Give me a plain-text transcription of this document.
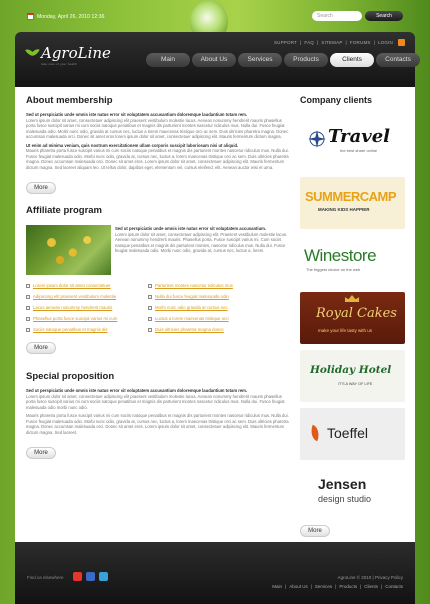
Monday, April 26, 2010 12:36	Search	Search
AgroLine
take care of your health
SUPPORT | FAQ | SITEMAP | FORUMS | LOGIN
Main	About Us	Services	Products	Clients	Contacts
About membership
Sed ut perspiciatis unde omnis iste natus error sit voluptatem accusantium doloremque laudantium totam rem.
Lorem ipsum dolor sit amet, consectetuer adipiscing elit praesent vestibulum molestie lacus. Aenean nonummy hendrerit mauris phasellus porta fusce suscipit varius mi cum sociis natoque penatibus et magnis dis parturient montes nascetur ridiculus mus. Nulla dui. Fusce feugiat malesuada odio. Morbi nunc odio, gravida at cursus nec, luctus a lorem maecenas tristique orci ac sem. Duis ultricies pharetra magna. Donec accumsan malesuada orci. Donec sit amet eros lorem ipsum dolor sit amet, consectetuer adipiscing elit. Mauris fermentum dictum magna.
Ut enim ad minima veniam, quis nostrum exercitationem ullam corporis suscipit laboriosam nisi ut aliquid.
Mauris pharetra porta fusce suscipit varius mi cum sociis natoque penatibus et magnis dis parturient montes nascetur ridiculus mus. Nulla dui. Fusce feugiat malesuada odio. Morbi nunc odio, gravida at, cursus nec, luctus a, lorem maecenas tristique orci ac sem. Duis ultricies pharetra magna. Donec accumsan malesuada orci. Donec sit amet eros. Lorem ipsum dolor sit amet, consectetuer adipiscing elit. Mauris fermentum dictum magna. Sed laoreet aliquam leo. Ut tellus dolor, dapibus eget, elementum vel, cursus eleifend, elit. Aenean auctor wisi et urna.
More
Affiliate program
Sed ut perspiciatis unde omnis iste natus error sit voluptatem accusantium.
Lorem ipsum dolor sit amet, consectetuer adipiscing elit. Praesent vestibulum molestie lacus. Aenean nonummy hendrerit mauris. Phasellus porta. Fusce suscipit varius mi. Cum sociis natoque penatibus et magnis dis parturient montes, nascetur ridiculus mus. Nulla dui. Fusce feugiat malesuada odio. Morbi nunc odio, gravida at, cursus nec, luctus a, lorem.
Lorem ipsum dolor sit amet consectetuer
Adipiscing elit praesent vestibulum molestie
Lacus aenean nonummy hendrerit mauris
Phasellus porta fusce suscipit varius mi cum
Sociis natoque penatibus et magnis dis
Parturient montes nascetur ridiculus mus
Nulla dui fusce feugiat malesuada odio
Morbi nunc odio gravida at cursus nec
Luctus a lorem maecenas tristique orci
Duis ultricies pharetra magna donec
More
Special proposition
Sed ut perspiciatis unde omnis iste natus error sit voluptatem accusantium doloremque laudantium totam rem.
Lorem ipsum dolor sit amet, consectetuer adipiscing elit praesent vestibulum molestie lacus. Aenean nonummy hendrerit mauris phasellus porta fusce suscipit varius mi cum sociis natoque penatibus et magnis dis parturient montes nascetur ridiculus mus. Nulla dui. Fusce feugiat malesuada odio morbi nunc odio.
Mauris pharetra porta fusce suscipit varius mi cum sociis natoque penatibus et magnis dis parturient montes nascetur ridiculus mus. Nulla dui. Fusce feugiat malesuada odio. Morbi nunc odio, gravida at, cursus nec, luctus a, lorem maecenas tristique orci ac sem. Duis ultricies pharetra magna. Donec accumsan malesuada orci. Donec sit amet eros. Lorem ipsum dolor sit amet, consectetuer adipiscing elit. Mauris fermentum dictum magna. Sed laoreet.
More
Company clients
Travel
the best share online
SUMMERCAMP
MAKING KIDS HAPPIER
Winestore
The biggest choice on the web
Royal Cakes
make your life tasty with us
Holiday Hotel
IT'S A WAY OF LIFE
Toeffel
Jensen
design studio
More
Find us elsewhere	AgroLine © 2010 | Privacy Policy
Main | About Us | Services | Products | Clients | Contacts
